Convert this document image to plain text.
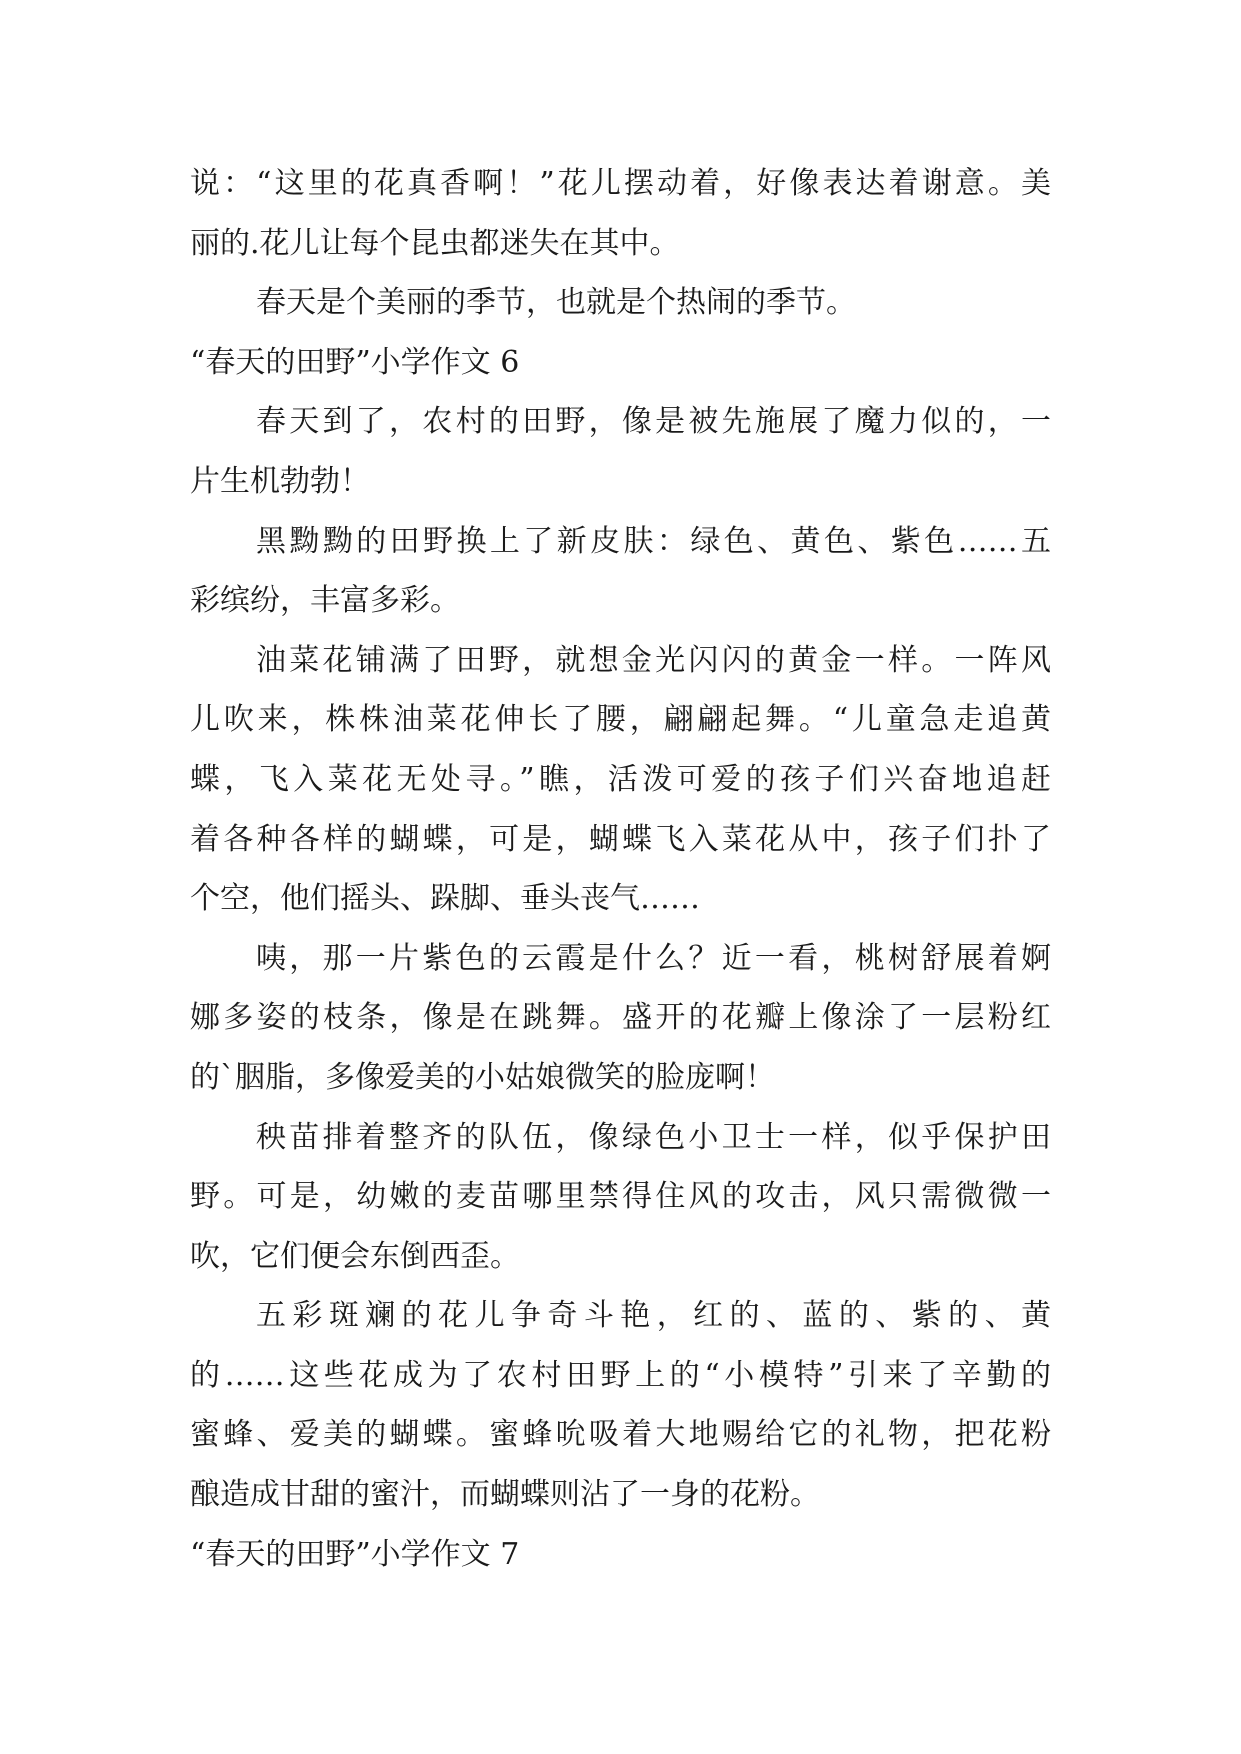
说：“这里的花真香啊！”花儿摆动着，好像表达着谢意。美
丽的.花儿让每个昆虫都迷失在其中。
春天是个美丽的季节，也就是个热闹的季节。
“春天的田野”小学作文 6
春天到了，农村的田野，像是被先施展了魔力似的，一
片生机勃勃！
黑黝黝的田野换上了新皮肤：绿色、黄色、紫色……五
彩缤纷，丰富多彩。
油菜花铺满了田野，就想金光闪闪的黄金一样。一阵风
儿吹来，株株油菜花伸长了腰，翩翩起舞。“儿童急走追黄
蝶，飞入菜花无处寻。”瞧，活泼可爱的孩子们兴奋地追赶
着各种各样的蝴蝶，可是，蝴蝶飞入菜花从中，孩子们扑了
个空，他们摇头、跺脚、垂头丧气……
咦，那一片紫色的云霞是什么？近一看，桃树舒展着婀
娜多姿的枝条，像是在跳舞。盛开的花瓣上像涂了一层粉红
的`胭脂，多像爱美的小姑娘微笑的脸庞啊！
秧苗排着整齐的队伍，像绿色小卫士一样，似乎保护田
野。可是，幼嫩的麦苗哪里禁得住风的攻击，风只需微微一
吹，它们便会东倒西歪。
五彩斑斓的花儿争奇斗艳，红的、蓝的、紫的、黄
的……这些花成为了农村田野上的“小模特”引来了辛勤的
蜜蜂、爱美的蝴蝶。蜜蜂吮吸着大地赐给它的礼物，把花粉
酿造成甘甜的蜜汁，而蝴蝶则沾了一身的花粉。
“春天的田野”小学作文 7
